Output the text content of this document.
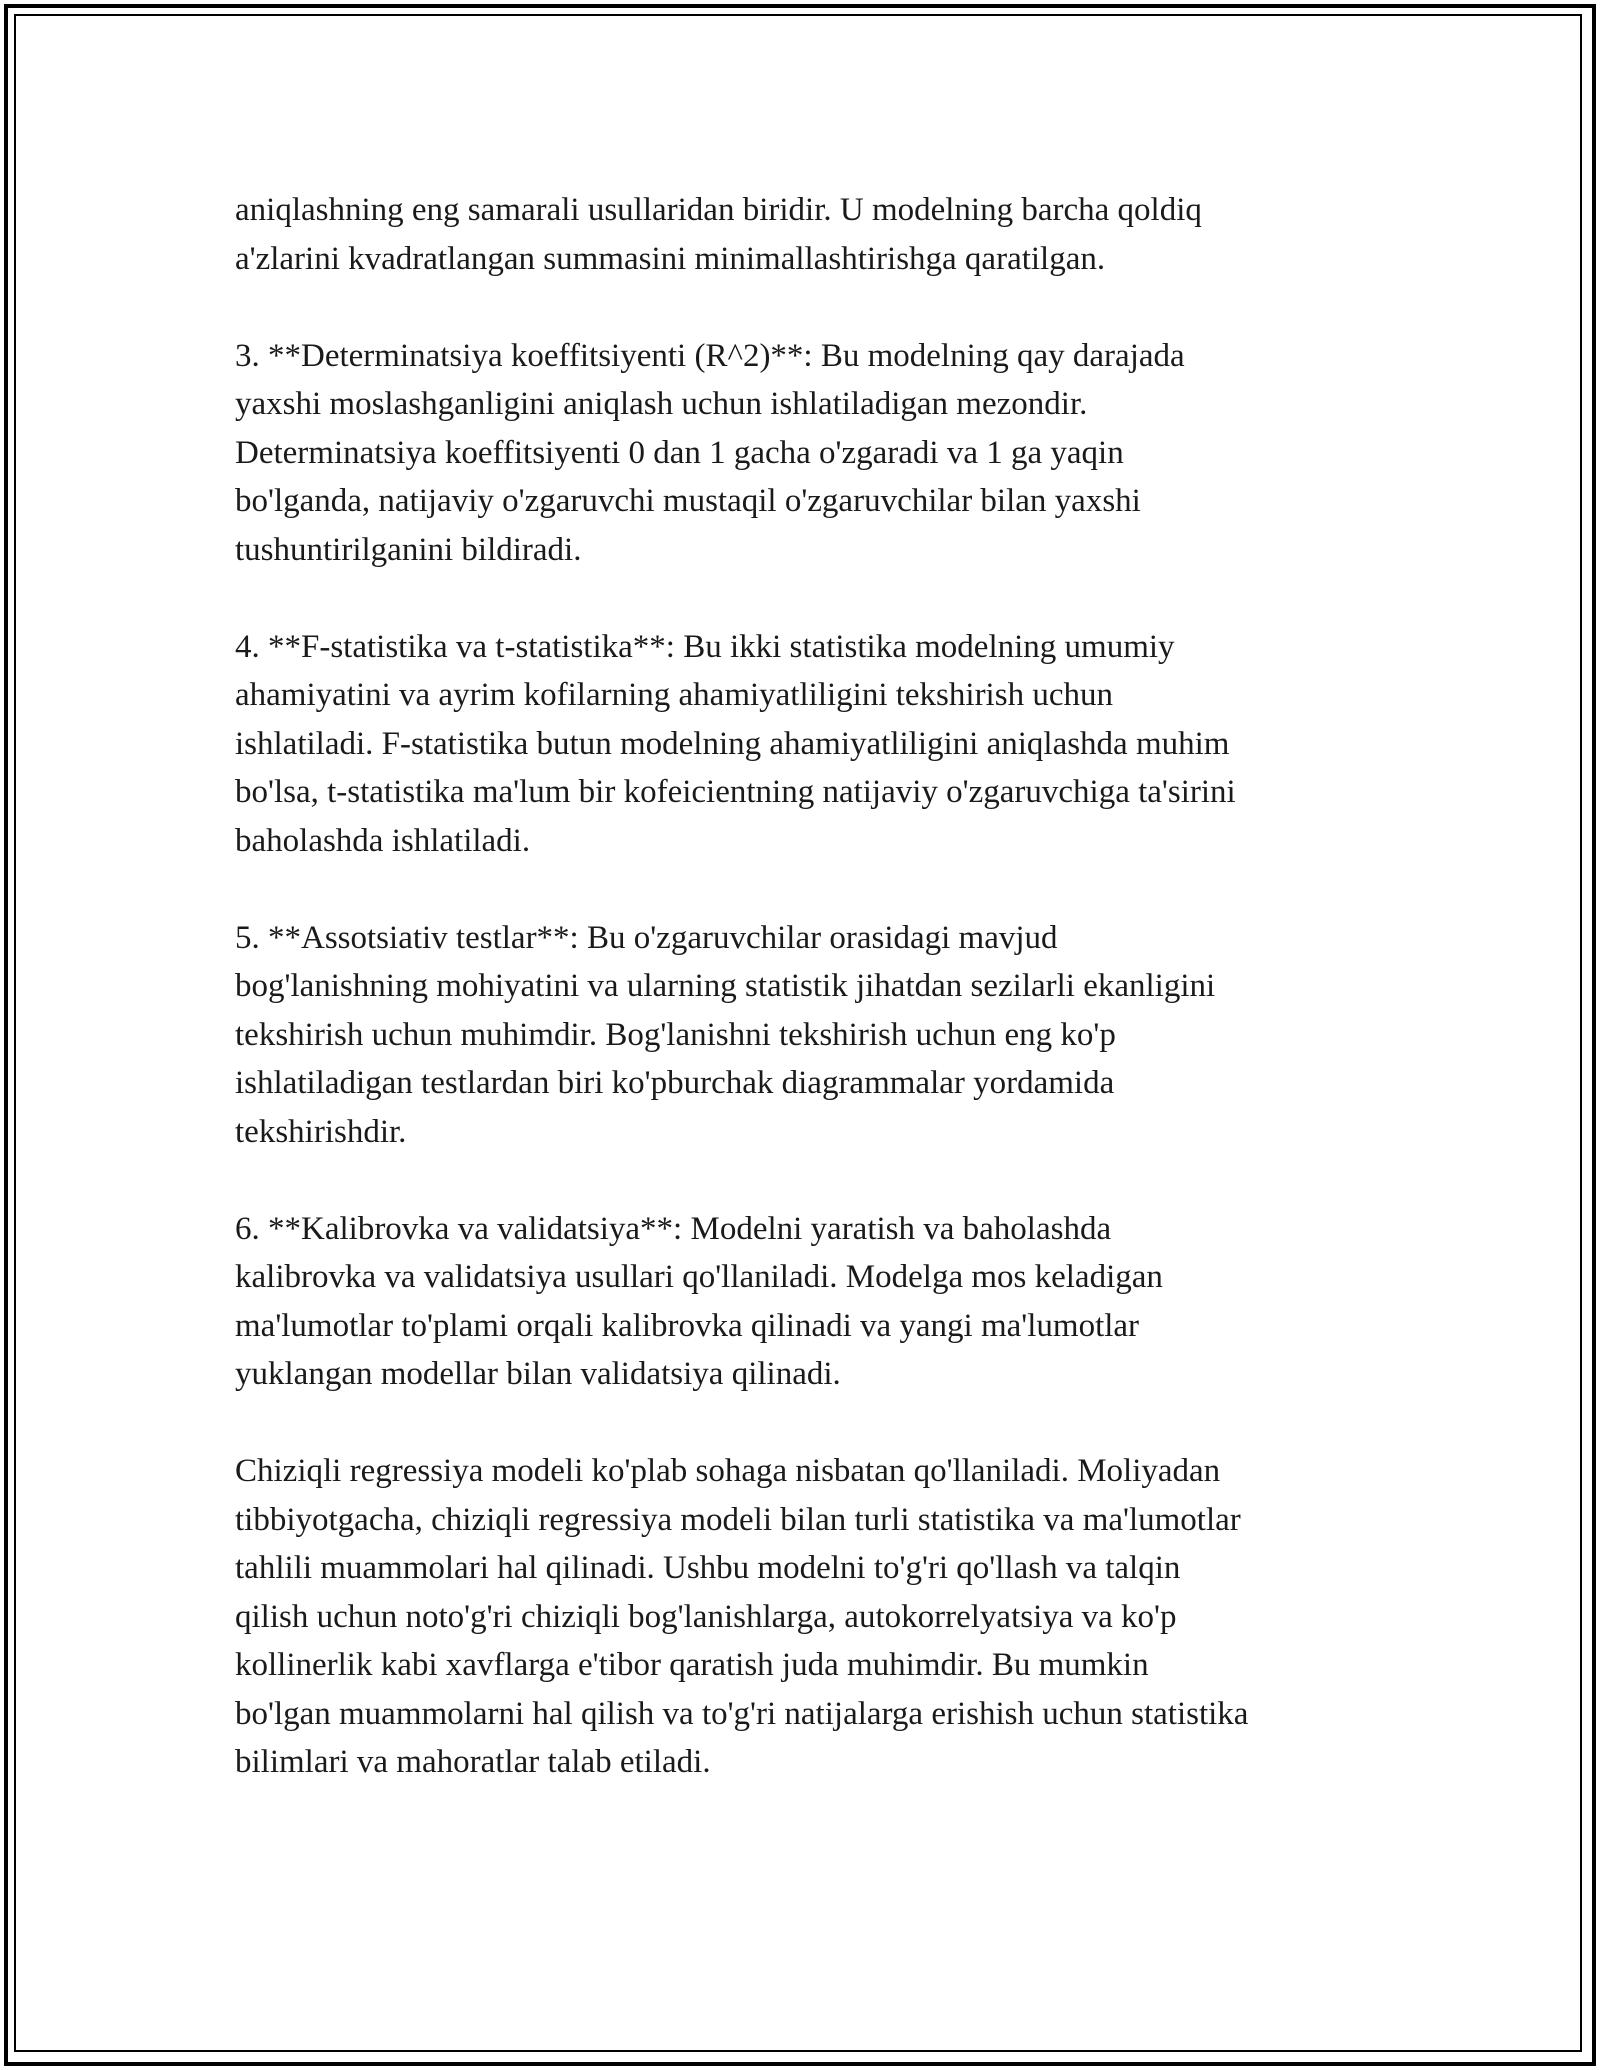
aniqlashning eng samarali usullaridan biridir. U modelning barcha qoldiq
a'zlarini kvadratlangan summasini minimallashtirishga qaratilgan.

3. **Determinatsiya koeffitsiyenti (R^2)**: Bu modelning qay darajada
yaxshi moslashganligini aniqlash uchun ishlatiladigan mezondir.
Determinatsiya koeffitsiyenti 0 dan 1 gacha o'zgaradi va 1 ga yaqin
bo'lganda, natijaviy o'zgaruvchi mustaqil o'zgaruvchilar bilan yaxshi
tushuntirilganini bildiradi.

4. **F-statistika va t-statistika**: Bu ikki statistika modelning umumiy
ahamiyatini va ayrim kofilarning ahamiyatliligini tekshirish uchun
ishlatiladi. F-statistika butun modelning ahamiyatliligini aniqlashda muhim
bo'lsa, t-statistika ma'lum bir kofeicientning natijaviy o'zgaruvchiga ta'sirini
baholashda ishlatiladi.

5. **Assotsiativ testlar**: Bu o'zgaruvchilar orasidagi mavjud
bog'lanishning mohiyatini va ularning statistik jihatdan sezilarli ekanligini
tekshirish uchun muhimdir. Bog'lanishni tekshirish uchun eng ko'p
ishlatiladigan testlardan biri ko'pburchak diagrammalar yordamida
tekshirishdir.

6. **Kalibrovka va validatsiya**: Modelni yaratish va baholashda
kalibrovka va validatsiya usullari qo'llaniladi. Modelga mos keladigan
ma'lumotlar to'plami orqali kalibrovka qilinadi va yangi ma'lumotlar
yuklangan modellar bilan validatsiya qilinadi.

Chiziqli regressiya modeli ko'plab sohaga nisbatan qo'llaniladi. Moliyadan
tibbiyotgacha, chiziqli regressiya modeli bilan turli statistika va ma'lumotlar
tahlili muammolari hal qilinadi. Ushbu modelni to'g'ri qo'llash va talqin
qilish uchun noto'g'ri chiziqli bog'lanishlarga, autokorrelyatsiya va ko'p
kollinerlik kabi xavflarga e'tibor qaratish juda muhimdir. Bu mumkin
bo'lgan muammolarni hal qilish va to'g'ri natijalarga erishish uchun statistika
bilimlari va mahoratlar talab etiladi.
